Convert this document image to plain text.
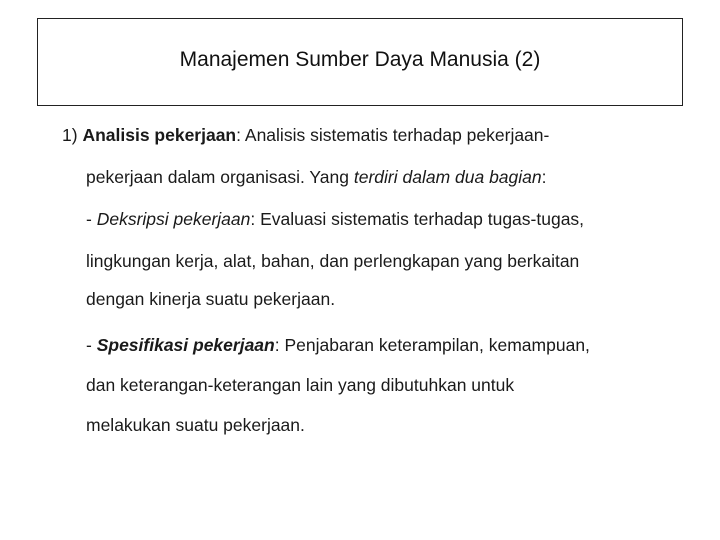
Manajemen Sumber Daya Manusia (2)
1) Analisis pekerjaan: Analisis sistematis terhadap pekerjaan-
pekerjaan dalam organisasi. Yang terdiri dalam dua bagian:
- Deksripsi pekerjaan: Evaluasi sistematis terhadap tugas-tugas,
lingkungan kerja, alat, bahan, dan perlengkapan yang berkaitan
dengan kinerja suatu pekerjaan.
- Spesifikasi pekerjaan: Penjabaran keterampilan, kemampuan,
dan keterangan-keterangan lain yang dibutuhkan untuk
melakukan suatu pekerjaan.
